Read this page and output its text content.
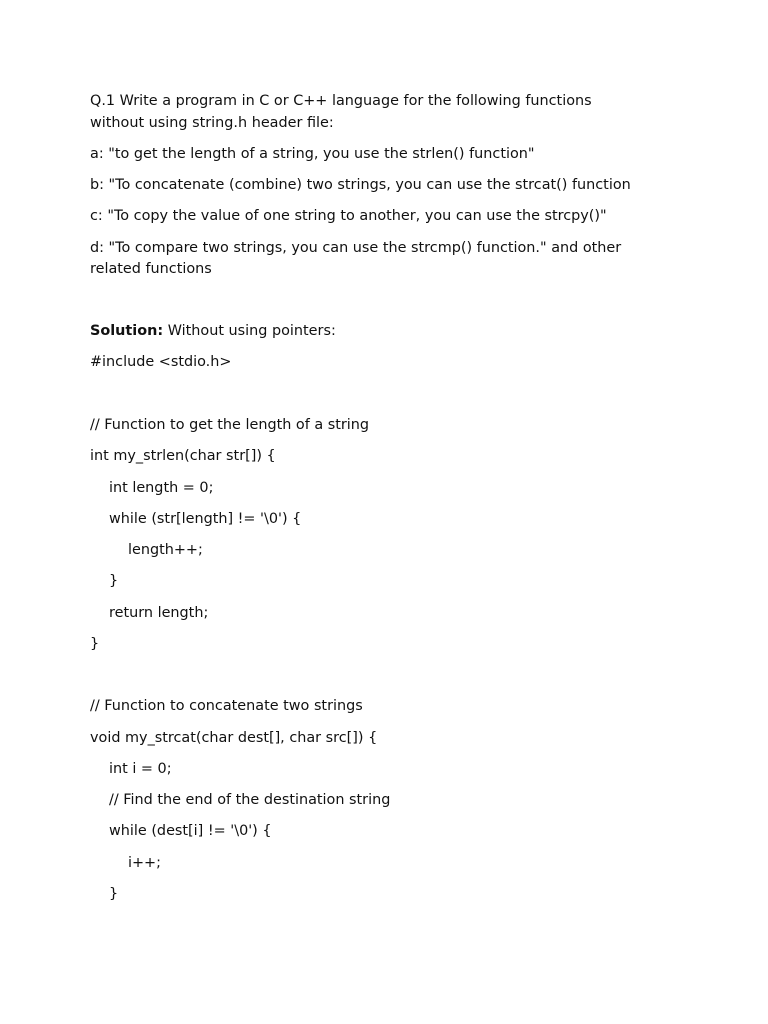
Q.1 Write a program in C or C++ language for the following functions
without using string.h header file:
a: "to get the length of a string, you use the strlen() function"
b: "To concatenate (combine) two strings, you can use the strcat() function
c: "To copy the value of one string to another, you can use the strcpy()"
d: "To compare two strings, you can use the strcmp() function." and other
related functions
Solution: Without using pointers:
#include <stdio.h>
// Function to get the length of a string
int my_strlen(char str[]) {
int length = 0;
while (str[length] != '\0') {
length++;
}
return length;
}
// Function to concatenate two strings
void my_strcat(char dest[], char src[]) {
int i = 0;
// Find the end of the destination string
while (dest[i] != '\0') {
i++;
}
